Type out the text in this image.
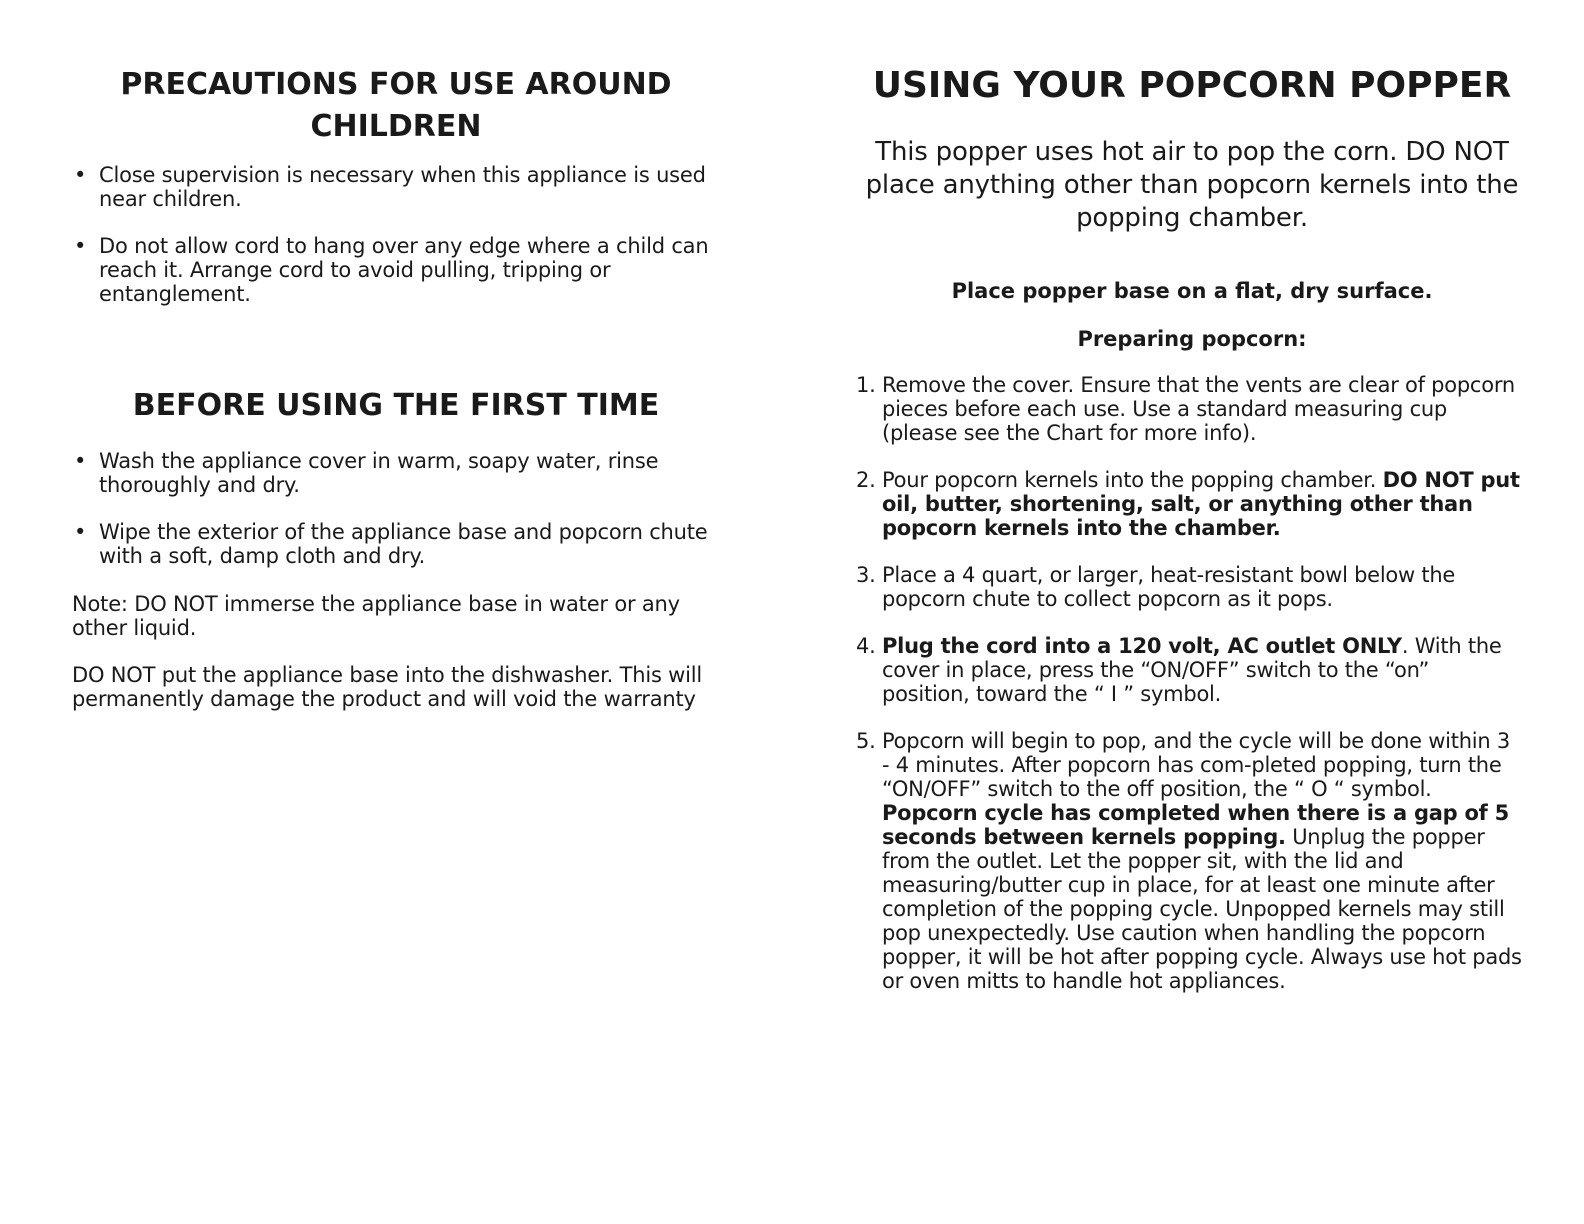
PRECAUTIONS FOR USE AROUND CHILDREN
• Close supervision is necessary when this appliance is used near children.
• Do not allow cord to hang over any edge where a child can reach it. Arrange cord to avoid pulling, tripping or entanglement.
BEFORE USING THE FIRST TIME
• Wash the appliance cover in warm, soapy water, rinse thoroughly and dry.
• Wipe the exterior of the appliance base and popcorn chute with a soft, damp cloth and dry.

Note: DO NOT immerse the appliance base in water or any other liquid.

DO NOT put the appliance base into the dishwasher. This will permanently damage the product and will void the warranty

USING YOUR POPCORN POPPER

This popper uses hot air to pop the corn. DO NOT place anything other than popcorn kernels into the popping chamber.

Place popper base on a flat, dry surface.

Preparing popcorn:

1. Remove the cover. Ensure that the vents are clear of popcorn pieces before each use. Use a standard measuring cup (please see the Chart for more info).
2. Pour popcorn kernels into the popping chamber. DO NOT put oil, butter, shortening, salt, or anything other than popcorn kernels into the chamber.
3. Place a 4 quart, or larger, heat-resistant bowl below the popcorn chute to collect popcorn as it pops.
4. Plug the cord into a 120 volt, AC outlet ONLY. With the cover in place, press the “ON/OFF” switch to the “on” position, toward the “ I ” symbol.
5. Popcorn will begin to pop, and the cycle will be done within 3 - 4 minutes. After popcorn has com-pleted popping, turn the “ON/OFF” switch to the off position, the “ O “ symbol. Popcorn cycle has completed when there is a gap of 5 seconds between kernels popping. Unplug the popper from the outlet. Let the popper sit, with the lid and measuring/butter cup in place, for at least one minute after completion of the popping cycle. Unpopped kernels may still pop unexpectedly. Use caution when handling the popcorn popper, it will be hot after popping cycle. Always use hot pads or oven mitts to handle hot appliances.
